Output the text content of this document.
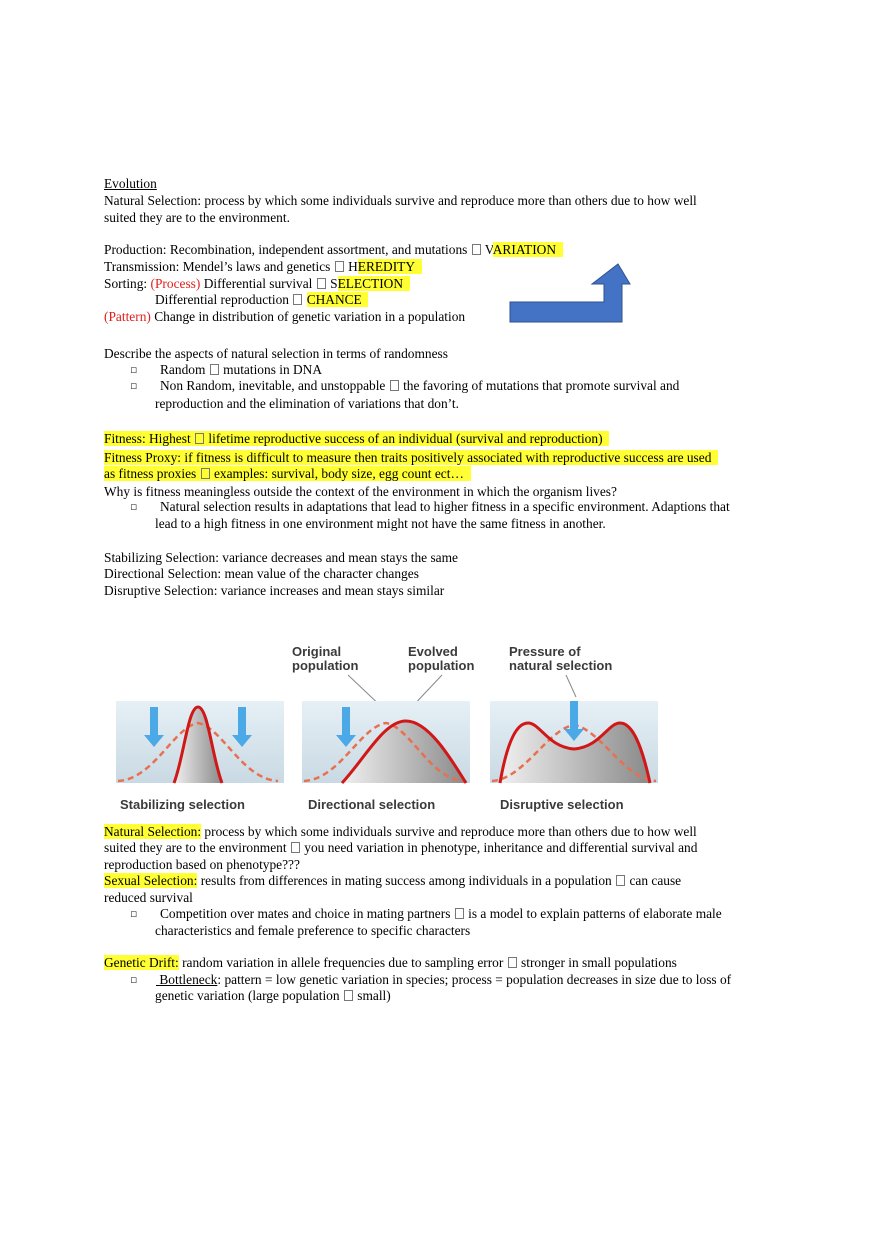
Evolution
Natural Selection: process by which some individuals survive and reproduce more than others due to how well
suited they are to the environment.
Production: Recombination, independent assortment, and mutations  VARIATION
Transmission: Mendel’s laws and genetics  HEREDITY
Sorting: (Process) Differential survival  SELECTION
Differential reproduction  CHANCE
(Pattern) Change in distribution of genetic variation in a population
Describe the aspects of natural selection in terms of randomness
▫ Random  mutations in DNA
▫ Non Random, inevitable, and unstoppable  the favoring of mutations that promote survival and
reproduction and the elimination of variations that don’t.
Fitness: Highest  lifetime reproductive success of an individual (survival and reproduction)
Fitness Proxy: if fitness is difficult to measure then traits positively associated with reproductive success are used
as fitness proxies  examples: survival, body size, egg count ect…
Why is fitness meaningless outside the context of the environment in which the organism lives?
▫ Natural selection results in adaptations that lead to higher fitness in a specific environment. Adaptions that
lead to a high fitness in one environment might not have the same fitness in another.
Stabilizing Selection: variance decreases and mean stays the same
Directional Selection: mean value of the character changes
Disruptive Selection: variance increases and mean stays similar
Original
population
Evolved
population
Pressure of
natural selection
Stabilizing selection	Directional selection	Disruptive selection
Natural Selection: process by which some individuals survive and reproduce more than others due to how well
suited they are to the environment  you need variation in phenotype, inheritance and differential survival and
reproduction based on phenotype???
Sexual Selection: results from differences in mating success among individuals in a population  can cause
reduced survival
▫ Competition over mates and choice in mating partners  is a model to explain patterns of elaborate male
characteristics and female preference to specific characters
Genetic Drift: random variation in allele frequencies due to sampling error  stronger in small populations
▫ Bottleneck: pattern = low genetic variation in species; process = population decreases in size due to loss of
genetic variation (large population  small)
